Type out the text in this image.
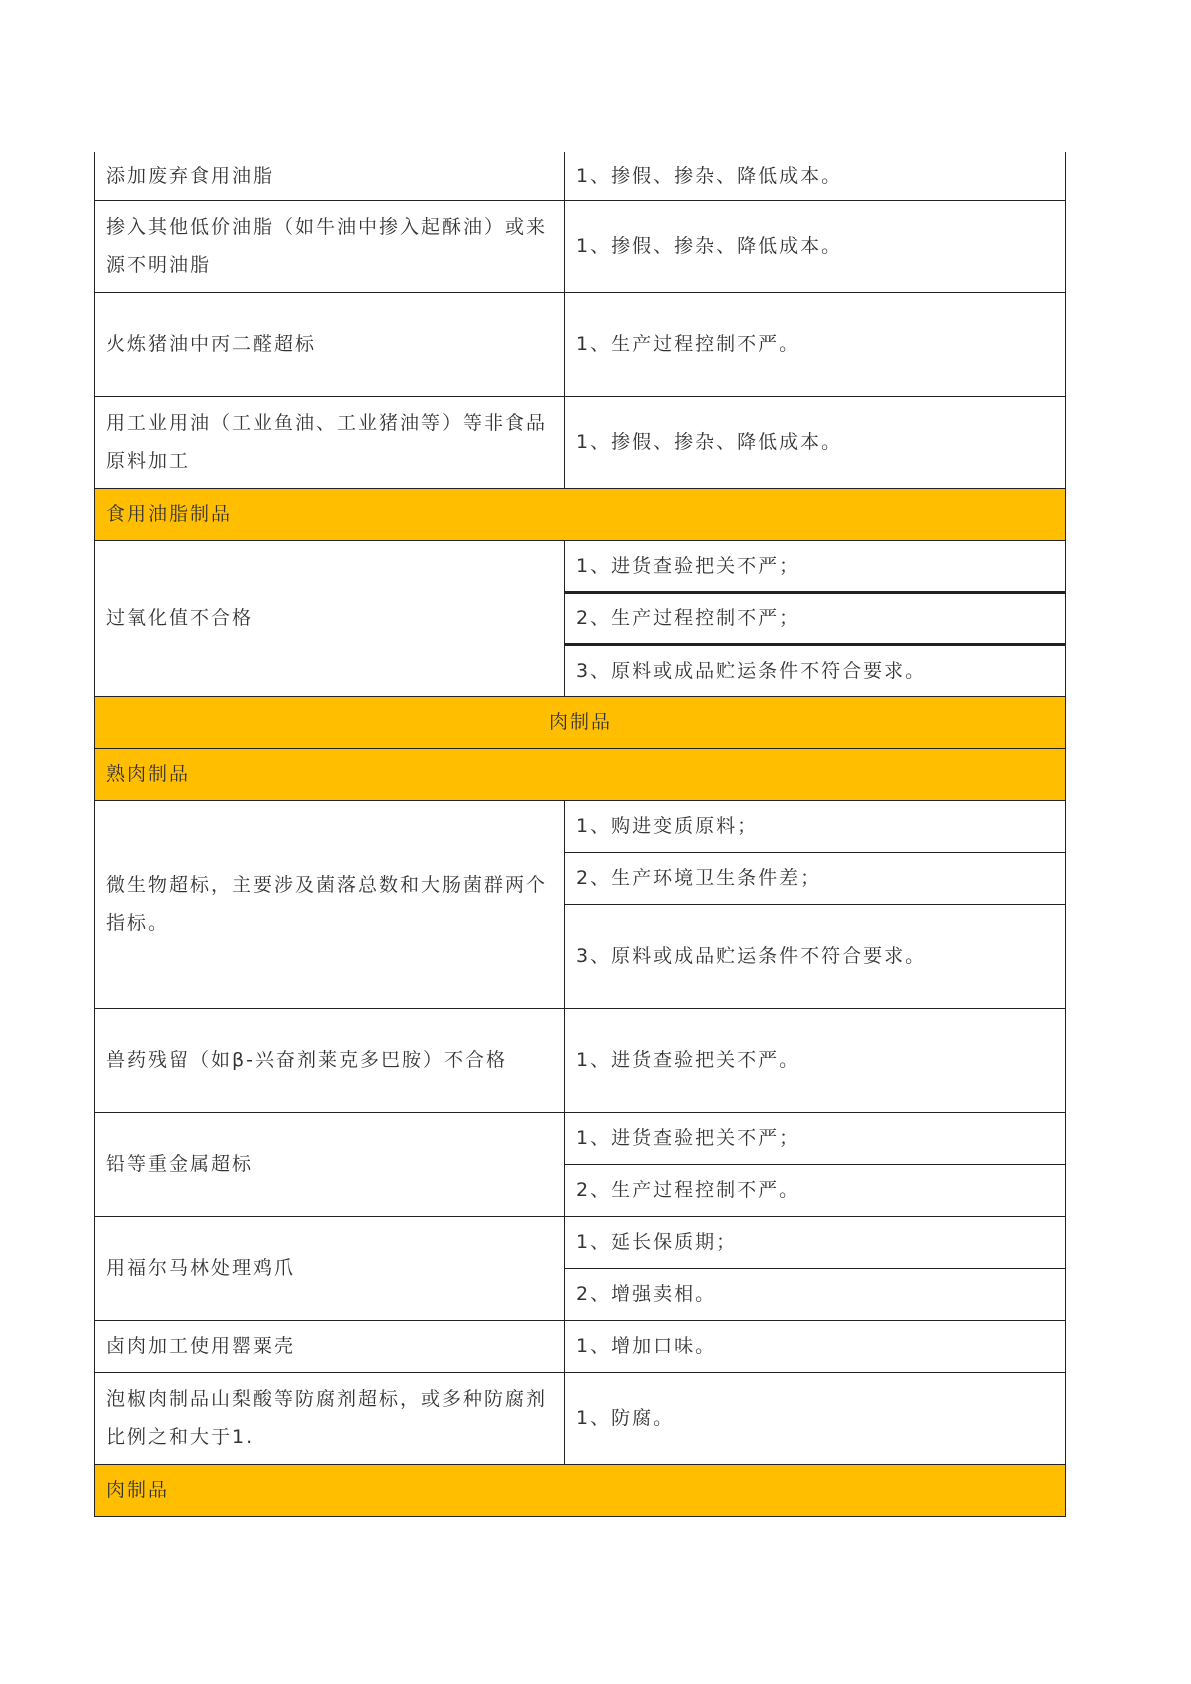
添加废弃食用油脂	1、掺假、掺杂、降低成本。
掺入其他低价油脂（如牛油中掺入起酥油）或来源不明油脂	1、掺假、掺杂、降低成本。
火炼猪油中丙二醛超标	1、生产过程控制不严。
用工业用油（工业鱼油、工业猪油等）等非食品原料加工	1、掺假、掺杂、降低成本。
食用油脂制品	
过氧化值不合格	1、进货查验把关不严；
	2、生产过程控制不严；
	3、原料或成品贮运条件不符合要求。
肉制品	
熟肉制品	
微生物超标，主要涉及菌落总数和大肠菌群两个指标。	1、购进变质原料；
	2、生产环境卫生条件差；
	3、原料或成品贮运条件不符合要求。
兽药残留（如β-兴奋剂莱克多巴胺）不合格	1、进货查验把关不严。
铅等重金属超标	1、进货查验把关不严；
	2、生产过程控制不严。
用福尔马林处理鸡爪	1、延长保质期；
	2、增强卖相。
卤肉加工使用罂粟壳	1、增加口味。
泡椒肉制品山梨酸等防腐剂超标，或多种防腐剂比例之和大于1.	1、防腐。
肉制品	
